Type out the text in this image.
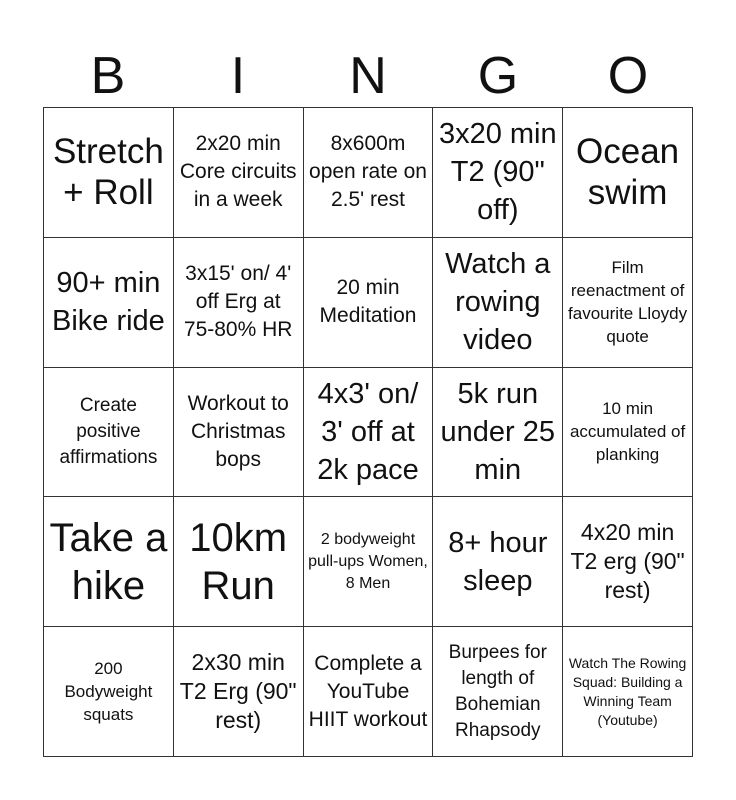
B	I	N	G	O
Stretch + Roll
2x20 min Core circuits in a week
8x600m open rate on 2.5' rest
3x20 min T2 (90" off)
Ocean swim
90+ min Bike ride
3x15' on/ 4' off Erg at 75-80% HR
20 min Meditation
Watch a rowing video
Film reenactment of favourite Lloydy quote
Create positive affirmations
Workout to Christmas bops
4x3' on/ 3' off at 2k pace
5k run under 25 min
10 min accumulated of planking
Take a hike
10km Run
2 bodyweight pull-ups Women, 8 Men
8+ hour sleep
4x20 min T2 erg (90" rest)
200 Bodyweight squats
2x30 min T2 Erg (90" rest)
Complete a YouTube HIIT workout
Burpees for length of Bohemian Rhapsody
Watch The Rowing Squad: Building a Winning Team (Youtube)
